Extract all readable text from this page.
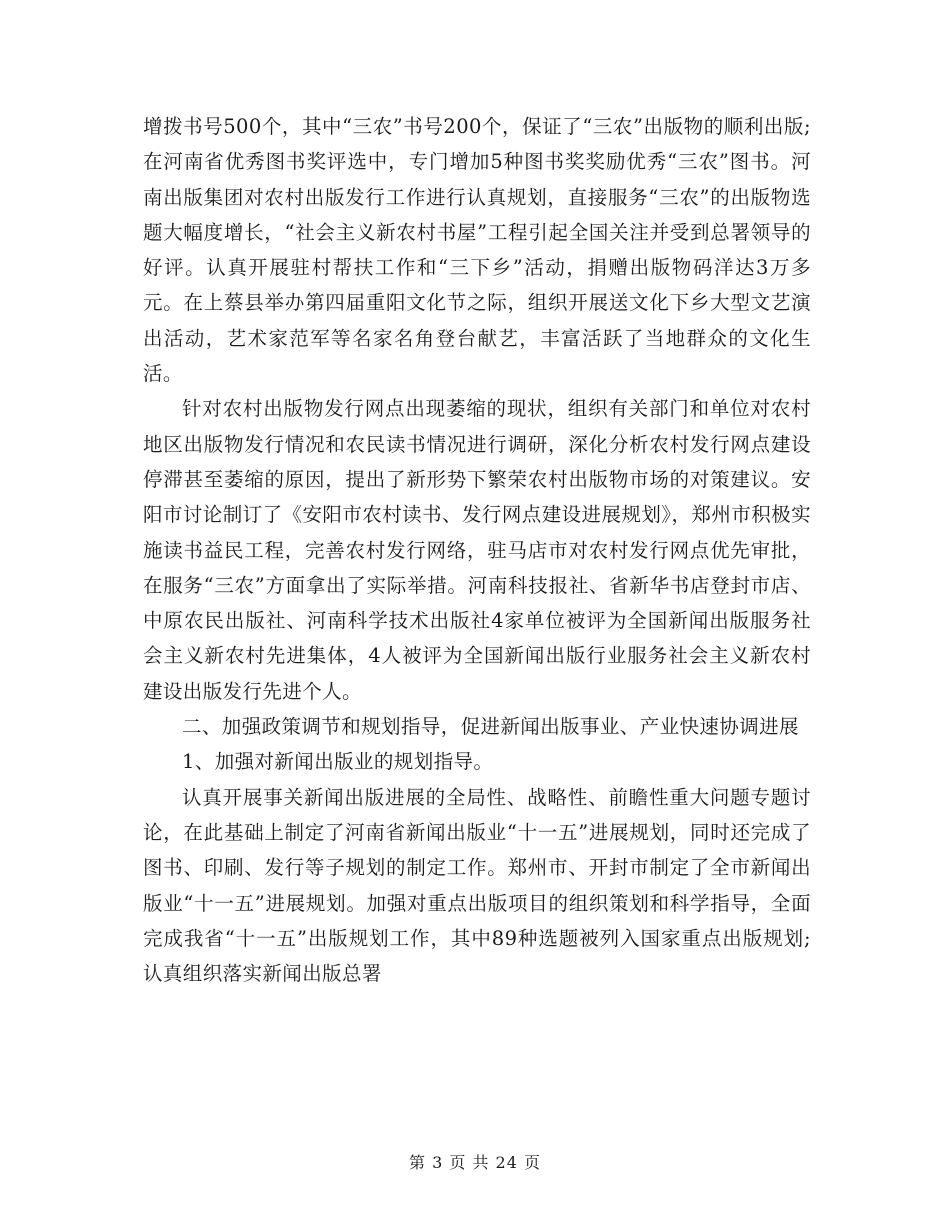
增拨书号500个，其中“三农”书号200个，保证了“三农”出版物的顺利出版;在河南省优秀图书奖评选中，专门增加5种图书奖奖励优秀“三农”图书。河南出版集团对农村出版发行工作进行认真规划，直接服务“三农”的出版物选题大幅度增长，“社会主义新农村书屋”工程引起全国关注并受到总署领导的好评。认真开展驻村帮扶工作和“三下乡”活动，捐赠出版物码洋达3万多元。在上蔡县举办第四届重阳文化节之际，组织开展送文化下乡大型文艺演出活动，艺术家范军等名家名角登台献艺，丰富活跃了当地群众的文化生活。

针对农村出版物发行网点出现萎缩的现状，组织有关部门和单位对农村地区出版物发行情况和农民读书情况进行调研，深化分析农村发行网点建设停滞甚至萎缩的原因，提出了新形势下繁荣农村出版物市场的对策建议。安阳市讨论制订了《安阳市农村读书、发行网点建设进展规划》，郑州市积极实施读书益民工程，完善农村发行网络，驻马店市对农村发行网点优先审批，在服务“三农”方面拿出了实际举措。河南科技报社、省新华书店登封市店、中原农民出版社、河南科学技术出版社4家单位被评为全国新闻出版服务社会主义新农村先进集体，4人被评为全国新闻出版行业服务社会主义新农村建设出版发行先进个人。

二、加强政策调节和规划指导，促进新闻出版事业、产业快速协调进展

1、加强对新闻出版业的规划指导。

认真开展事关新闻出版进展的全局性、战略性、前瞻性重大问题专题讨论，在此基础上制定了河南省新闻出版业“十一五”进展规划，同时还完成了图书、印刷、发行等子规划的制定工作。郑州市、开封市制定了全市新闻出版业“十一五”进展规划。加强对重点出版项目的组织策划和科学指导，全面完成我省“十一五”出版规划工作，其中89种选题被列入国家重点出版规划;认真组织落实新闻出版总署

第 3 页 共 24 页
